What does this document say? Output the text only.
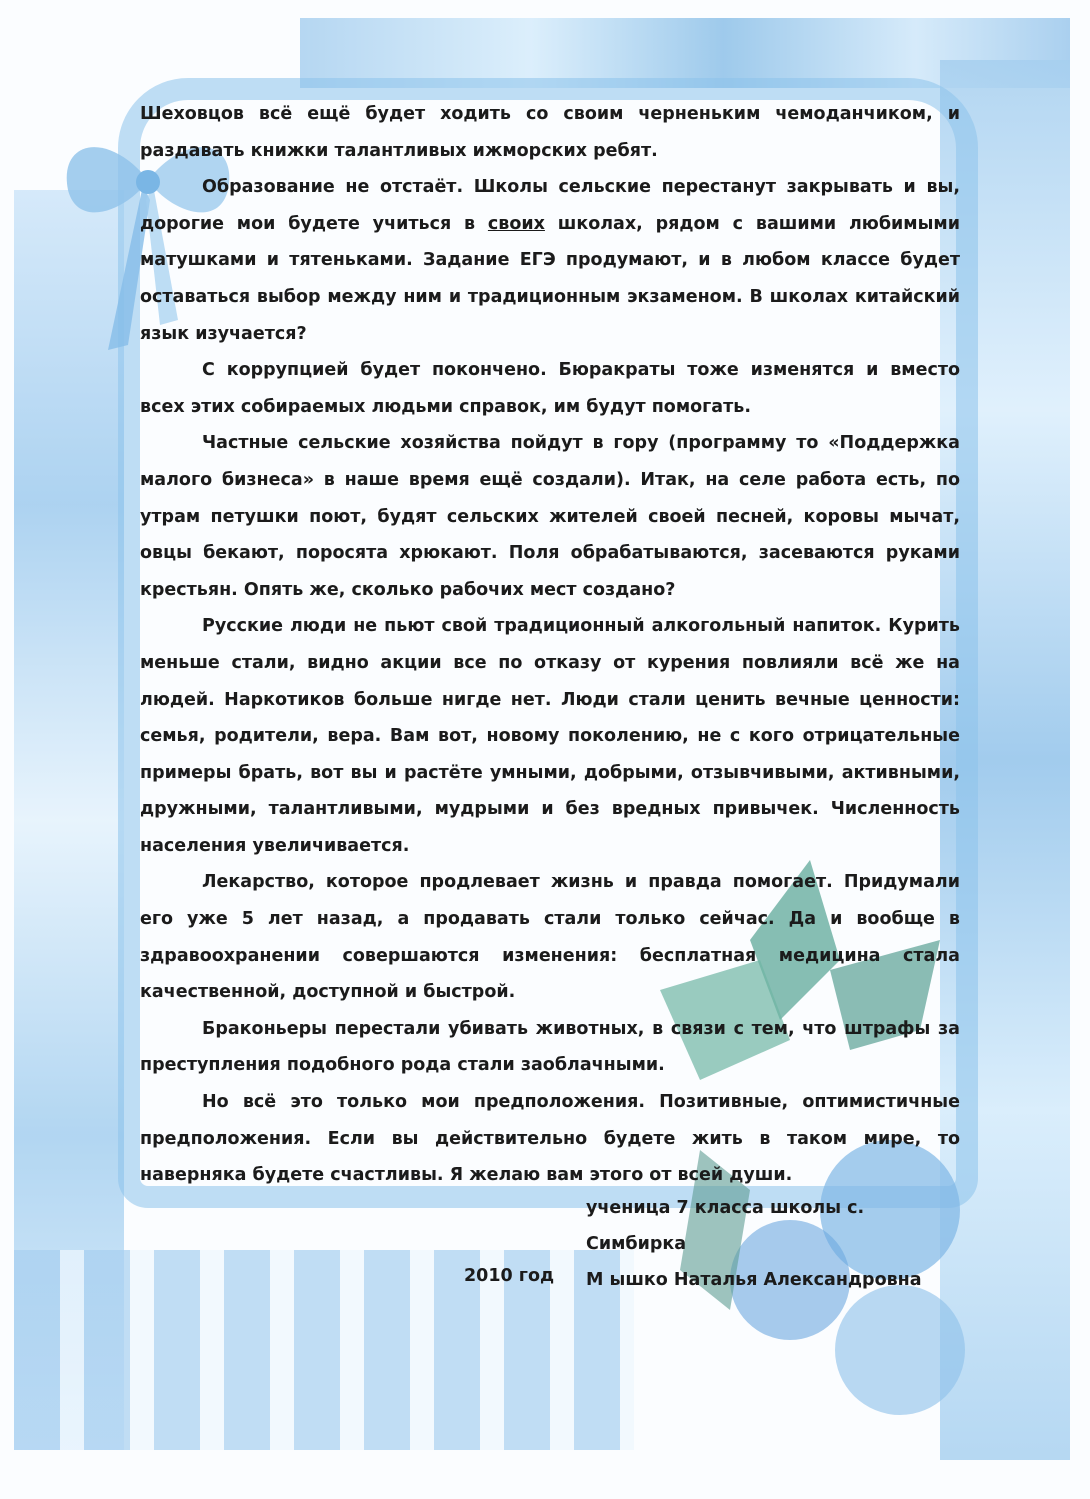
Шеховцов всё ещё будет ходить со своим черненьким чемоданчиком, и раздавать книжки талантливых ижморских ребят.

Образование не отстаёт. Школы сельские перестанут закрывать и вы, дорогие мои будете учиться в своих школах, рядом с вашими любимыми матушками и тятеньками. Задание ЕГЭ продумают, и в любом классе будет оставаться выбор между ним и традиционным экзаменом. В школах китайский язык изучается?

С коррупцией будет покончено. Бюракраты тоже изменятся и вместо всех этих собираемых людьми справок, им будут помогать.

Частные сельские хозяйства пойдут в гору (программу то «Поддержка малого бизнеса» в наше время ещё создали). Итак, на селе работа есть, по утрам петушки поют, будят сельских жителей своей песней, коровы мычат, овцы бекают, поросята хрюкают. Поля обрабатываются, засеваются руками крестьян. Опять же, сколько рабочих мест создано?

Русские люди не пьют свой традиционный алкогольный напиток. Курить меньше стали, видно акции все по отказу от курения повлияли всё же на людей. Наркотиков больше нигде нет. Люди стали ценить вечные ценности: семья, родители, вера. Вам вот, новому поколению, не с кого отрицательные примеры брать, вот вы и растёте умными, добрыми, отзывчивыми, активными, дружными, талантливыми, мудрыми и без вредных привычек. Численность населения увеличивается.

Лекарство, которое продлевает жизнь и правда помогает. Придумали его уже 5 лет назад, а продавать стали только сейчас. Да и вообще в здравоохранении совершаются изменения: бесплатная медицина стала качественной, доступной и быстрой.

Браконьеры перестали убивать животных, в связи с тем, что штрафы за преступления подобного рода стали заоблачными.

Но всё это только мои предположения. Позитивные, оптимистичные предположения. Если вы действительно будете жить в таком мире, то наверняка будете счастливы. Я желаю вам этого от всей души.

ученица 7 класса школы с. Симбирка
М ышко Наталья Александровна
2010 год
